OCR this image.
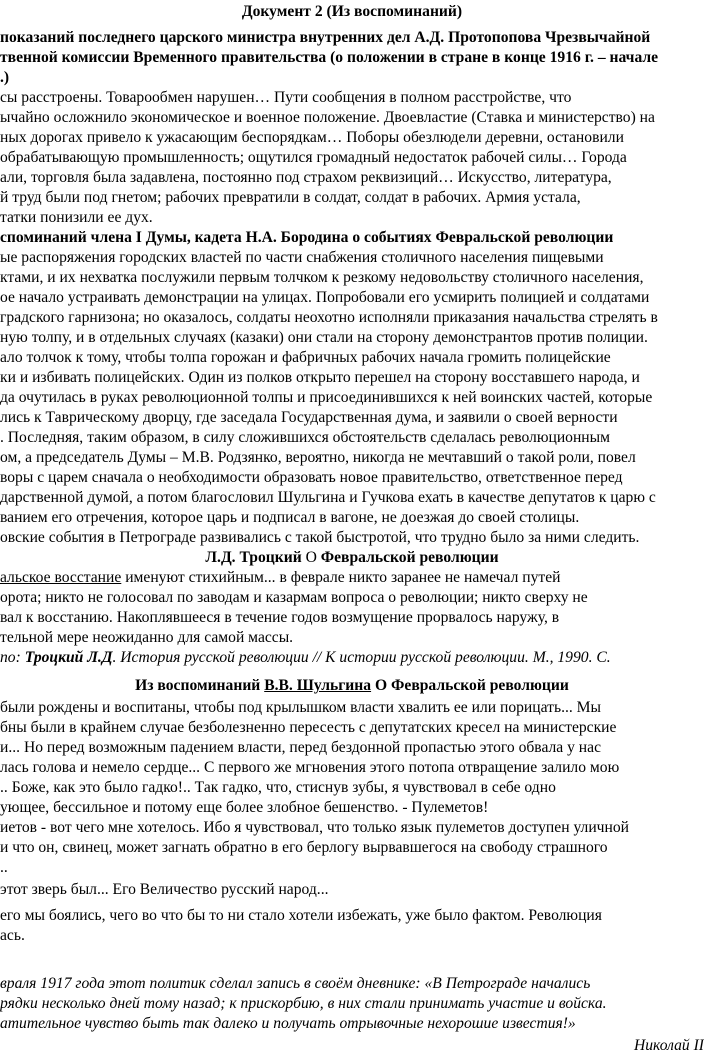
Документ 2 (Из воспоминаний)
показаний последнего царского министра внутренних дел А.Д. Протопопова Чрезвычайной
твенной комиссии Временного правительства (о положении в стране в конце 1916 г. – начале
.)
сы расстроены. Товарообмен нарушен… Пути сообщения в полном расстройстве, что
ычайно осложнило экономическое и военное положение. Двоевластие (Ставка и министерство) на
ных дорогах привело к ужасающим беспорядкам… Поборы обезлюдели деревни, остановили
обрабатывающую промышленность; ощутился громадный недостаток рабочей силы… Города
али, торговля была задавлена, постоянно под страхом реквизиций… Искусство, литература,
й труд были под гнетом; рабочих превратили в солдат, солдат в рабочих. Армия устала,
татки понизили ее дух.
споминаний члена I Думы, кадета Н.А. Бородина о событиях Февральской революции
ые распоряжения городских властей по части снабжения столичного населения пищевыми
ктами, и их нехватка послужили первым толчком к резкому недовольству столичного населения,
ое начало устраивать демонстрации на улицах. Попробовали его усмирить полицией и солдатами
градского гарнизона; но оказалось, солдаты неохотно исполняли приказания начальства стрелять в
ную толпу, и в отдельных случаях (казаки) они стали на сторону демонстрантов против полиции.
ало толчок к тому, чтобы толпа горожан и фабричных рабочих начала громить полицейские
ки и избивать полицейских. Один из полков открыто перешел на сторону восставшего народа, и
да очутилась в руках революционной толпы и присоединившихся к ней воинских частей, которые
лись к Таврическому дворцу, где заседала Государственная дума, и заявили о своей верности
. Последняя, таким образом, в силу сложившихся обстоятельств сделалась революционным
ом, а председатель Думы – М.В. Родзянко, вероятно, никогда не мечтавший о такой роли, повел
воры с царем сначала о необходимости образовать новое правительство, ответственное перед
дарственной думой, а потом благословил Шульгина и Гучкова ехать в качестве депутатов к царю с
ванием его отречения, которое царь и подписал в вагоне, не доезжая до своей столицы.
овские события в Петрограде развивались с такой быстротой, что трудно было за ними следить.
Л.Д. Троцкий О Февральской революции
альское восстание именуют стихийным... в феврале никто заранее не намечал путей
орота; никто не голосовал по заводам и казармам вопроса о революции; никто сверху не
вал к восстанию. Накоплявшееся в течение годов возмущение прорвалось наружу, в
тельной мере неожиданно для самой массы.
по: Троцкий Л.Д. История русской революции // К истории русской революции. М., 1990. С.
Из воспоминаний В.В. Шульгина О Февральской революции
были рождены и воспитаны, чтобы под крылышком власти хвалить ее или порицать... Мы
бны были в крайнем случае безболезненно пересесть с депутатских кресел на министерские
и... Но перед возможным падением власти, перед бездонной пропастью этого обвала у нас
лась голова и немело сердце... С первого же мгновения этого потопа отвращение залило мою
.. Боже, как это было гадко!.. Так гадко, что, стиснув зубы, я чувствовал в себе одно
ующее, бессильное и потому еще более злобное бешенство. - Пулеметов!
иетов - вот чего мне хотелось. Ибо я чувствовал, что только язык пулеметов доступен уличной
и что он, свинец, может загнать обратно в его берлогу вырвавшегося на свободу страшного
..
этот зверь был... Его Величество русский народ...
его мы боялись, чего во что бы то ни стало хотели избежать, уже было фактом. Революция
ась.
враля 1917 года этот политик сделал запись в своём дневнике: «В Петрограде начались
рядки несколько дней тому назад; к прискорбию, в них стали принимать участие и войска.
атительное чувство быть так далеко и получать отрывочные нехорошие известия!»
Николай II
